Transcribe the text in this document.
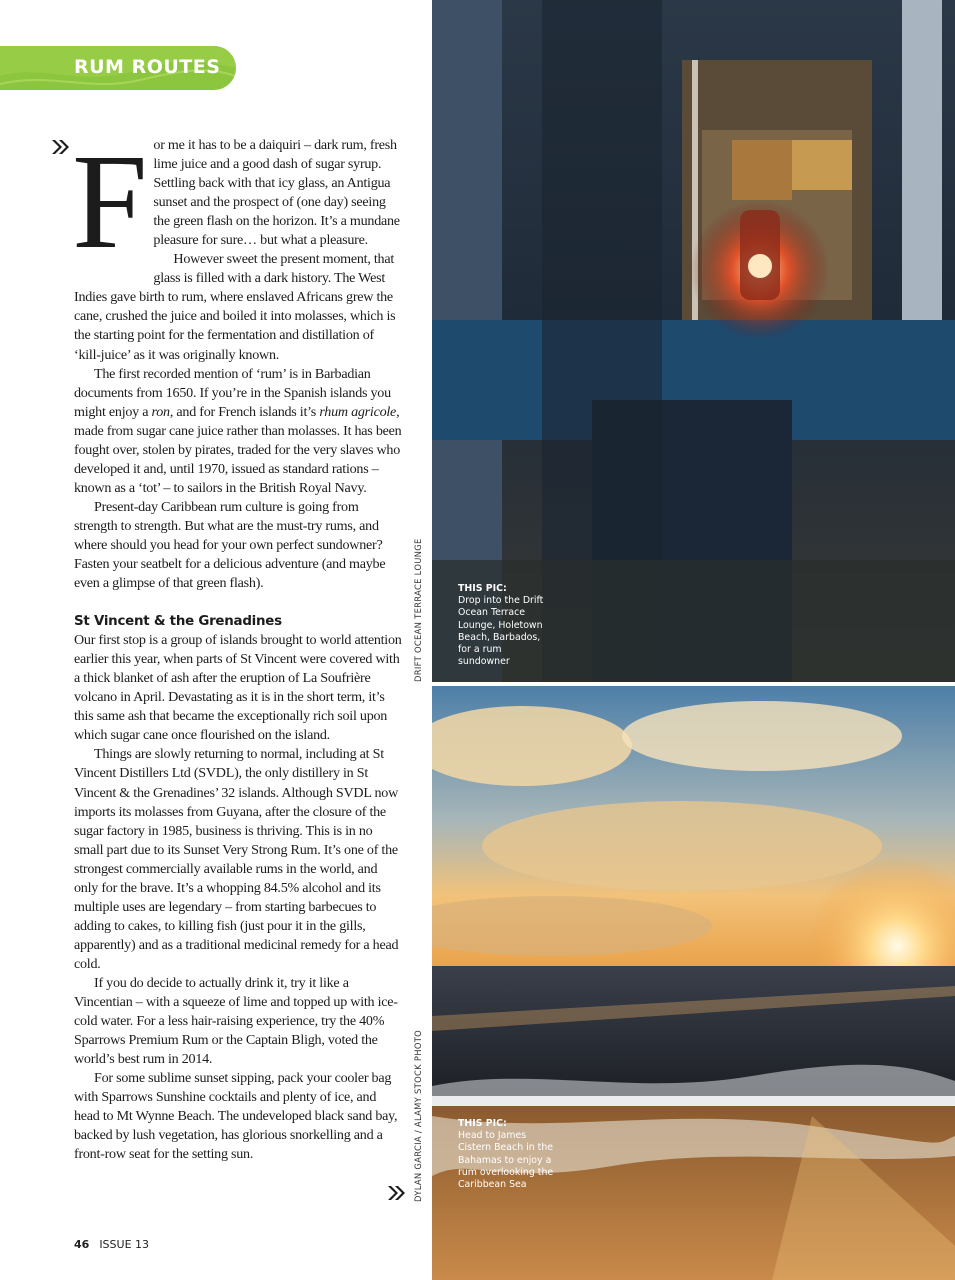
RUM ROUTES

For me it has to be a daiquiri – dark rum, fresh lime juice and a good dash of sugar syrup. Settling back with that icy glass, an Antigua sunset and the prospect of (one day) seeing the green flash on the horizon. It’s a mundane pleasure for sure… but what a pleasure.

However sweet the present moment, that glass is filled with a dark history. The West Indies gave birth to rum, where enslaved Africans grew the cane, crushed the juice and boiled it into molasses, which is the starting point for the fermentation and distillation of ‘kill-juice’ as it was originally known.

The first recorded mention of ‘rum’ is in Barbadian documents from 1650. If you’re in the Spanish islands you might enjoy a ron, and for French islands it’s rhum agricole, made from sugar cane juice rather than molasses. It has been fought over, stolen by pirates, traded for the very slaves who developed it and, until 1970, issued as standard rations – known as a ‘tot’ – to sailors in the British Royal Navy.

Present-day Caribbean rum culture is going from strength to strength. But what are the must-try rums, and where should you head for your own perfect sundowner? Fasten your seatbelt for a delicious adventure (and maybe even a glimpse of that green flash).

St Vincent & the Grenadines

Our first stop is a group of islands brought to world attention earlier this year, when parts of St Vincent were covered with a thick blanket of ash after the eruption of La Soufrière volcano in April. Devastating as it is in the short term, it’s this same ash that became the exceptionally rich soil upon which sugar cane once flourished on the island.

Things are slowly returning to normal, including at St Vincent Distillers Ltd (SVDL), the only distillery in St Vincent & the Grenadines’ 32 islands. Although SVDL now imports its molasses from Guyana, after the closure of the sugar factory in 1985, business is thriving. This is in no small part due to its Sunset Very Strong Rum. It’s one of the strongest commercially available rums in the world, and only for the brave. It’s a whopping 84.5% alcohol and its multiple uses are legendary – from starting barbecues to adding to cakes, to killing fish (just pour it in the gills, apparently) and as a traditional medicinal remedy for a head cold.

If you do decide to actually drink it, try it like a Vincentian – with a squeeze of lime and topped up with ice-cold water. For a less hair-raising experience, try the 40% Sparrows Premium Rum or the Captain Bligh, voted the world’s best rum in 2014.

For some sublime sunset sipping, pack your cooler bag with Sparrows Sunshine cocktails and plenty of ice, and head to Mt Wynne Beach. The undeveloped black sand bay, backed by lush vegetation, has glorious snorkelling and a front-row seat for the setting sun.

DRIFT OCEAN TERRACE LOUNGE
DYLAN GARCIA / ALAMY STOCK PHOTO
THIS PIC:
Drop into the Drift Ocean Terrace Lounge, Holetown Beach, Barbados, for a rum sundowner
THIS PIC:
Head to James Cistern Beach in the Bahamas to enjoy a rum overlooking the Caribbean Sea
46 ISSUE 13
